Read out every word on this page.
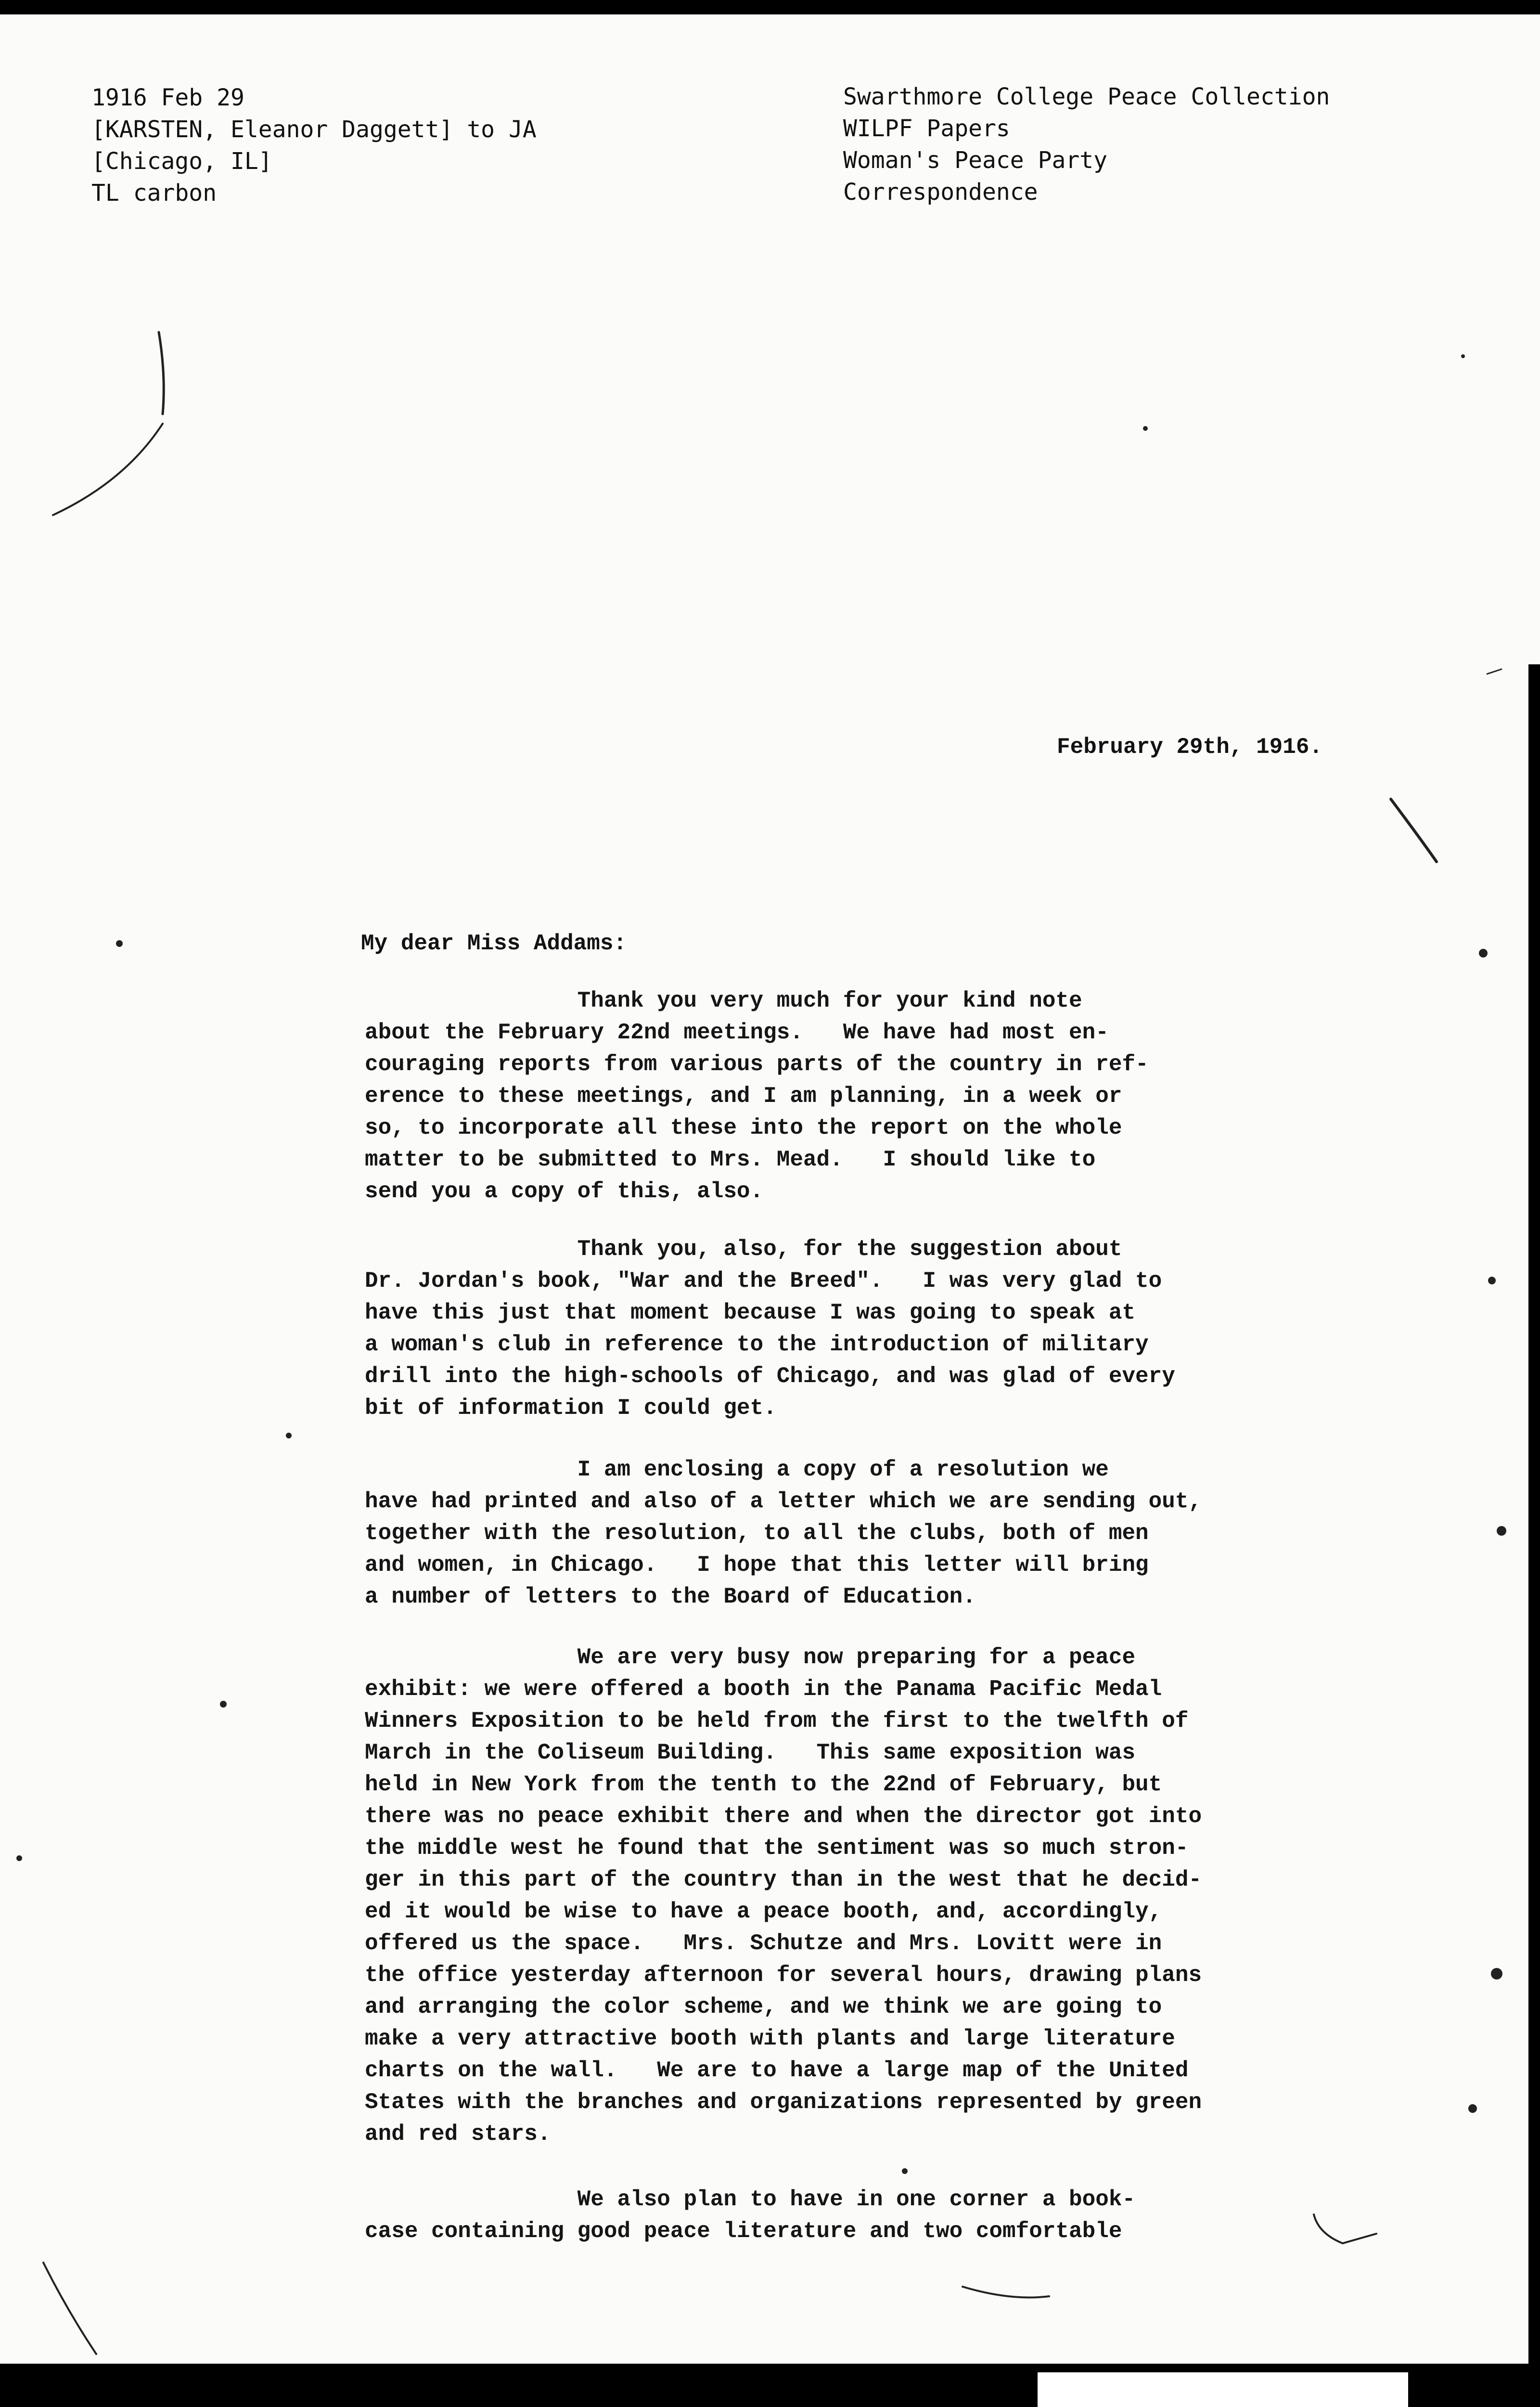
1916 Feb 29
[KARSTEN, Eleanor Daggett] to JA
[Chicago, IL]
TL carbon
Swarthmore College Peace Collection
WILPF Papers
Woman's Peace Party
Correspondence
February 29th, 1916.
My dear Miss Addams:
Thank you very much for your kind note
about the February 22nd meetings.   We have had most en-
couraging reports from various parts of the country in ref-
erence to these meetings, and I am planning, in a week or
so, to incorporate all these into the report on the whole
matter to be submitted to Mrs. Mead.   I should like to
send you a copy of this, also.
Thank you, also, for the suggestion about
Dr. Jordan's book, "War and the Breed".   I was very glad to
have this just that moment because I was going to speak at
a woman's club in reference to the introduction of military
drill into the high-schools of Chicago, and was glad of every
bit of information I could get.
I am enclosing a copy of a resolution we
have had printed and also of a letter which we are sending out,
together with the resolution, to all the clubs, both of men
and women, in Chicago.   I hope that this letter will bring
a number of letters to the Board of Education.
We are very busy now preparing for a peace
exhibit: we were offered a booth in the Panama Pacific Medal
Winners Exposition to be held from the first to the twelfth of
March in the Coliseum Building.   This same exposition was
held in New York from the tenth to the 22nd of February, but
there was no peace exhibit there and when the director got into
the middle west he found that the sentiment was so much stron-
ger in this part of the country than in the west that he decid-
ed it would be wise to have a peace booth, and, accordingly,
offered us the space.   Mrs. Schutze and Mrs. Lovitt were in
the office yesterday afternoon for several hours, drawing plans
and arranging the color scheme, and we think we are going to
make a very attractive booth with plants and large literature
charts on the wall.   We are to have a large map of the United
States with the branches and organizations represented by green
and red stars.
We also plan to have in one corner a book-
case containing good peace literature and two comfortable
